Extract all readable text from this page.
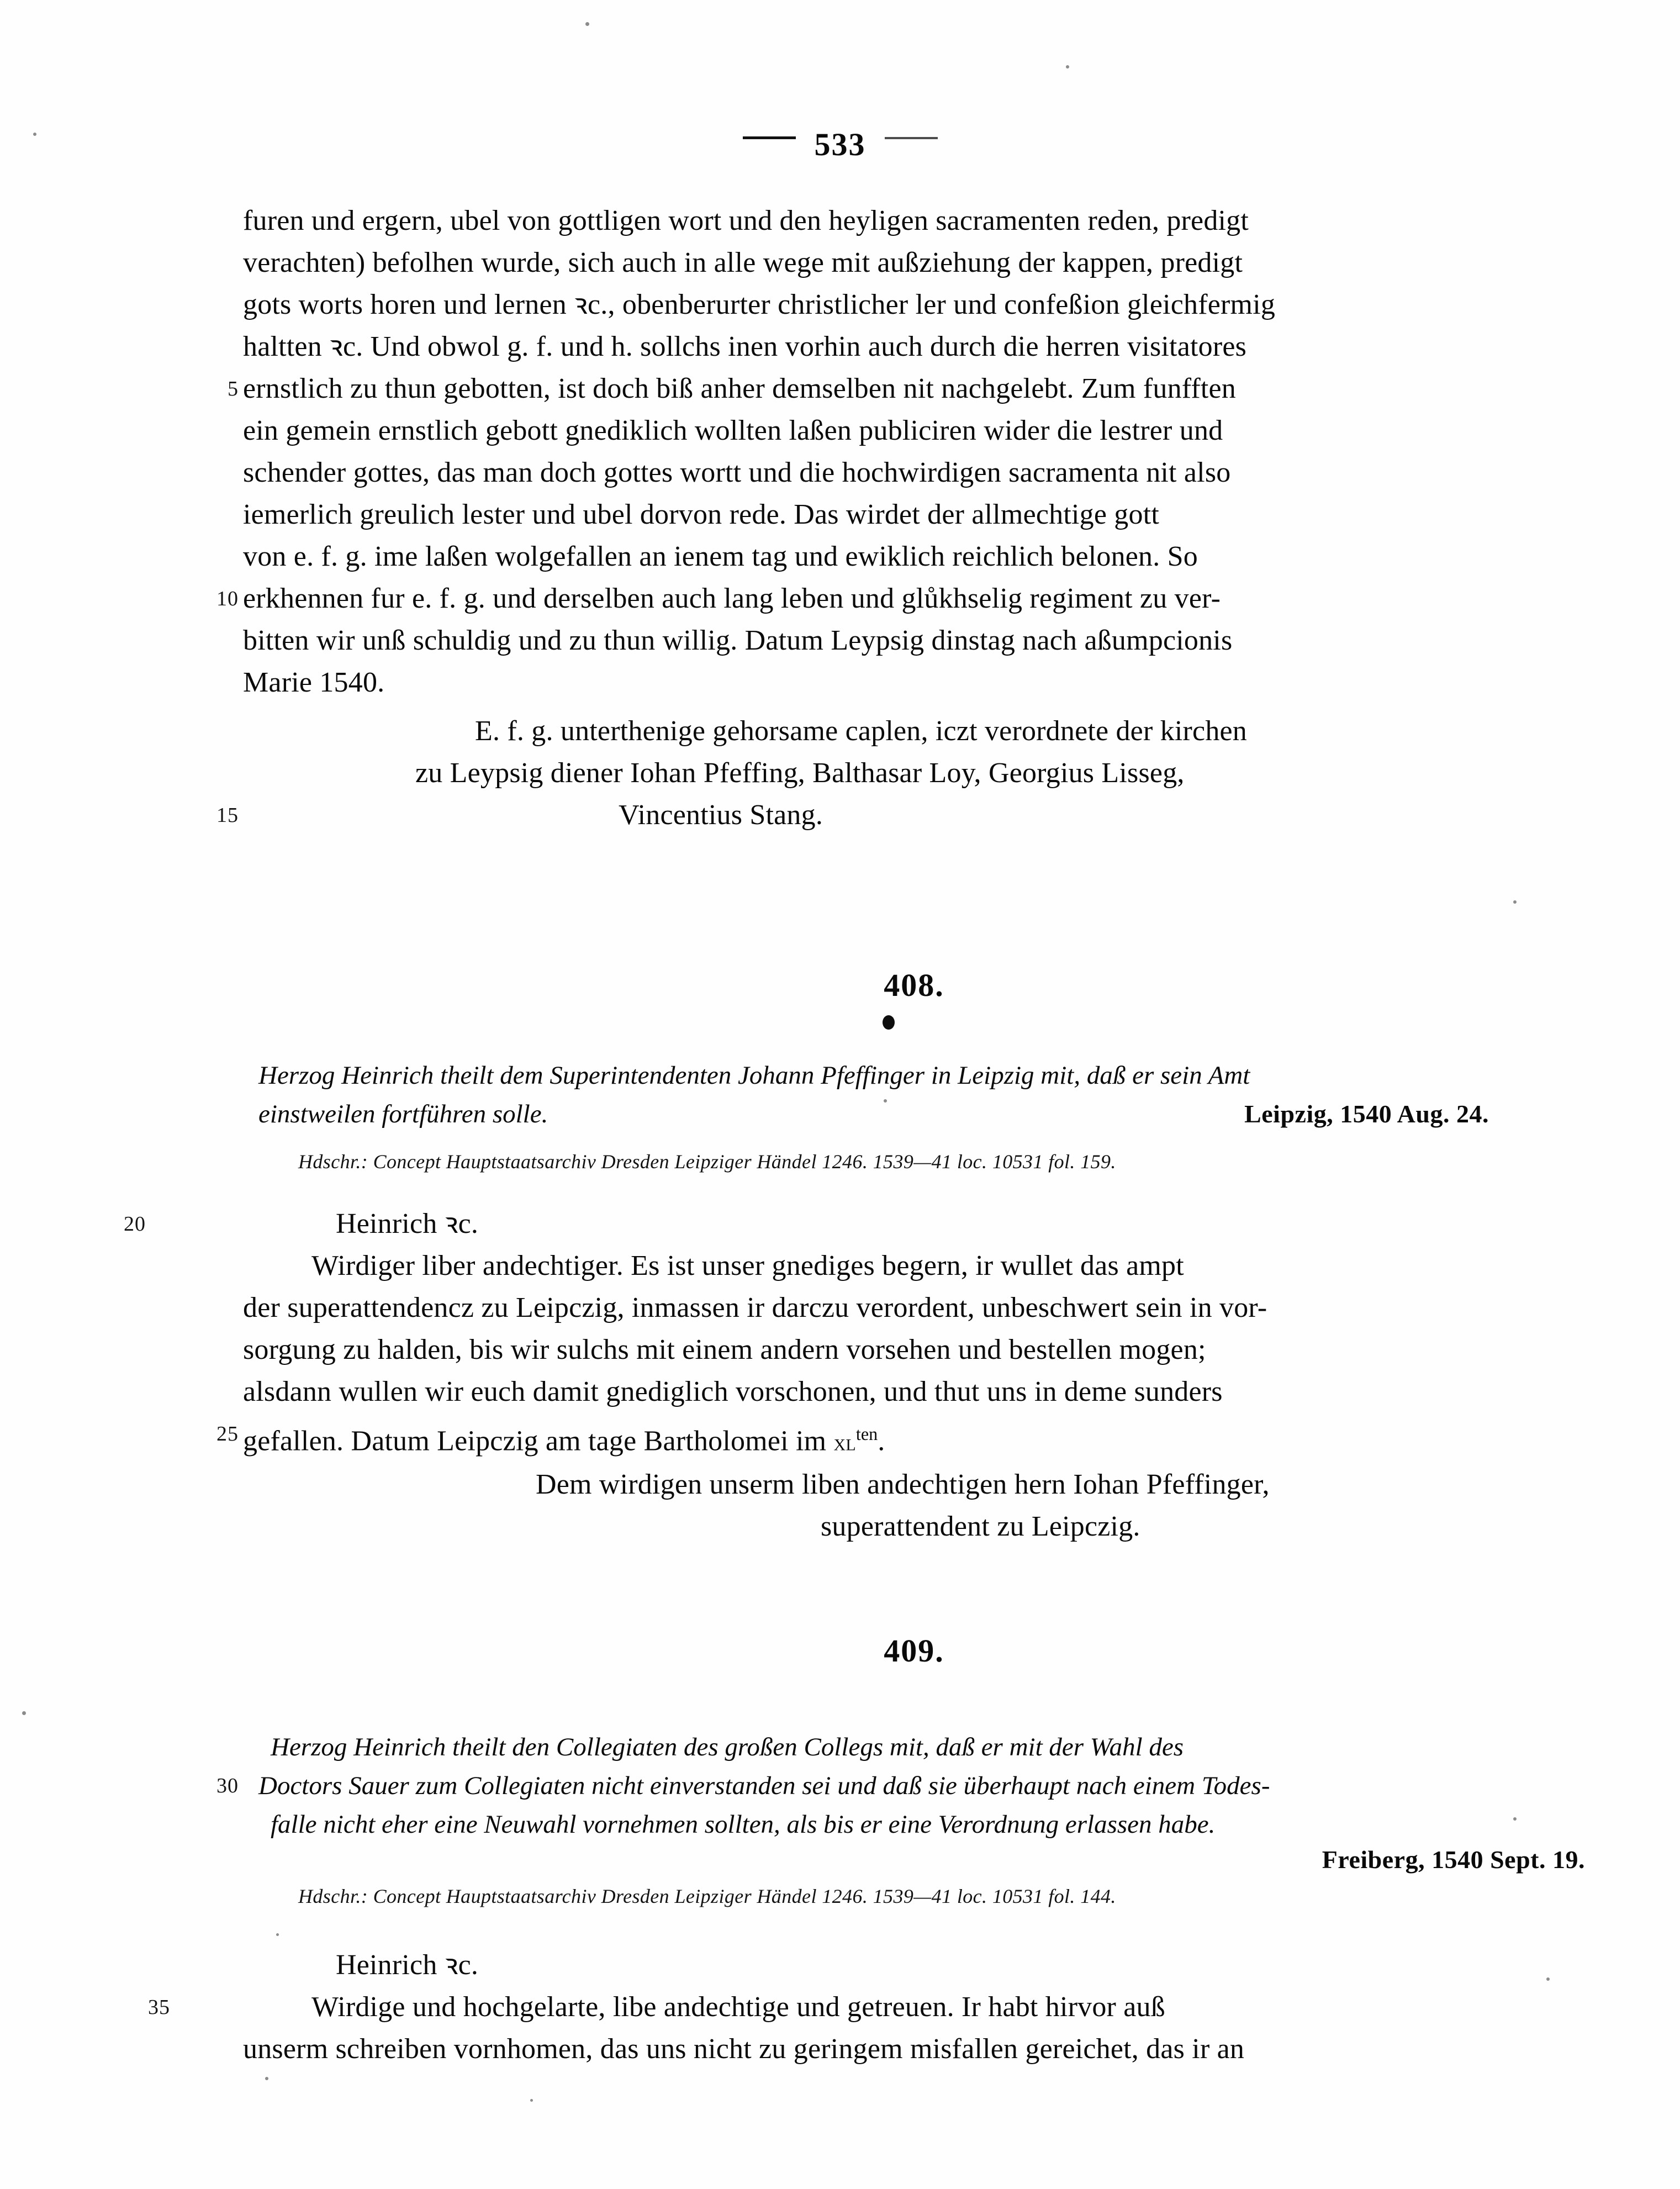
533
furen und ergern, ubel von gottligen wort und den heyligen sacramenten reden, predigt
verachten) befolhen wurde, sich auch in alle wege mit außziehung der kappen, predigt
gots worts horen und lernen ꝛc., obenberurter christlicher ler und confeßion gleichfermig
haltten ꝛc. Und obwol g. f. und h. sollchs inen vorhin auch durch die herren visitatores
5 ernstlich zu thun gebotten, ist doch biß anher demselben nit nachgelebt. Zum funfften
ein gemein ernstlich gebott gnediklich wollten laßen publiciren wider die lestrer und
schender gottes, das man doch gottes wortt und die hochwirdigen sacramenta nit also
iemerlich greulich lester und ubel dorvon rede. Das wirdet der allmechtige gott
von e. f. g. ime laßen wolgefallen an ienem tag und ewiklich reichlich belonen. So
10 erkhennen fur e. f. g. und derselben auch lang leben und glůkhselig regiment zu ver-
bitten wir unß schuldig und zu thun willig. Datum Leypsig dinstag nach aßumpcionis
Marie 1540.
E. f. g. unterthenige gehorsame caplen, iczt verordnete der kirchen
zu Leypsig diener Iohan Pfeffing, Balthasar Loy, Georgius Lisseg,
15	Vincentius Stang.
408.
Herzog Heinrich theilt dem Superintendenten Johann Pfeffinger in Leipzig mit, daß er sein Amt
einstweilen fortführen solle.	Leipzig, 1540 Aug. 24.
Hdschr.: Concept Hauptstaatsarchiv Dresden Leipziger Händel 1246. 1539—41 loc. 10531 fol. 159.
20	Heinrich ꝛc.
Wirdiger liber andechtiger. Es ist unser gnediges begern, ir wullet das ampt
der superattendencz zu Leipczig, inmassen ir darczu verordent, unbeschwert sein in vor-
sorgung zu halden, bis wir sulchs mit einem andern vorsehen und bestellen mogen;
alsdann wullen wir euch damit gnediglich vorschonen, und thut uns in deme sunders
25 gefallen. Datum Leipczig am tage Bartholomei im $xl^{ten}$.
Dem wirdigen unserm liben andechtigen hern Iohan Pfeffinger,
superattendent zu Leipczig.
409.
Herzog Heinrich theilt den Collegiaten des großen Collegs mit, daß er mit der Wahl des
30 Doctors Sauer zum Collegiaten nicht einverstanden sei und daß sie überhaupt nach einem Todes-
falle nicht eher eine Neuwahl vornehmen sollten, als bis er eine Verordnung erlassen habe.
Freiberg, 1540 Sept. 19.
Hdschr.: Concept Hauptstaatsarchiv Dresden Leipziger Händel 1246. 1539—41 loc. 10531 fol. 144.
Heinrich ꝛc.
35	Wirdige und hochgelarte, libe andechtige und getreuen. Ir habt hirvor auß
unserm schreiben vornhomen, das uns nicht zu geringem misfallen gereichet, das ir an
